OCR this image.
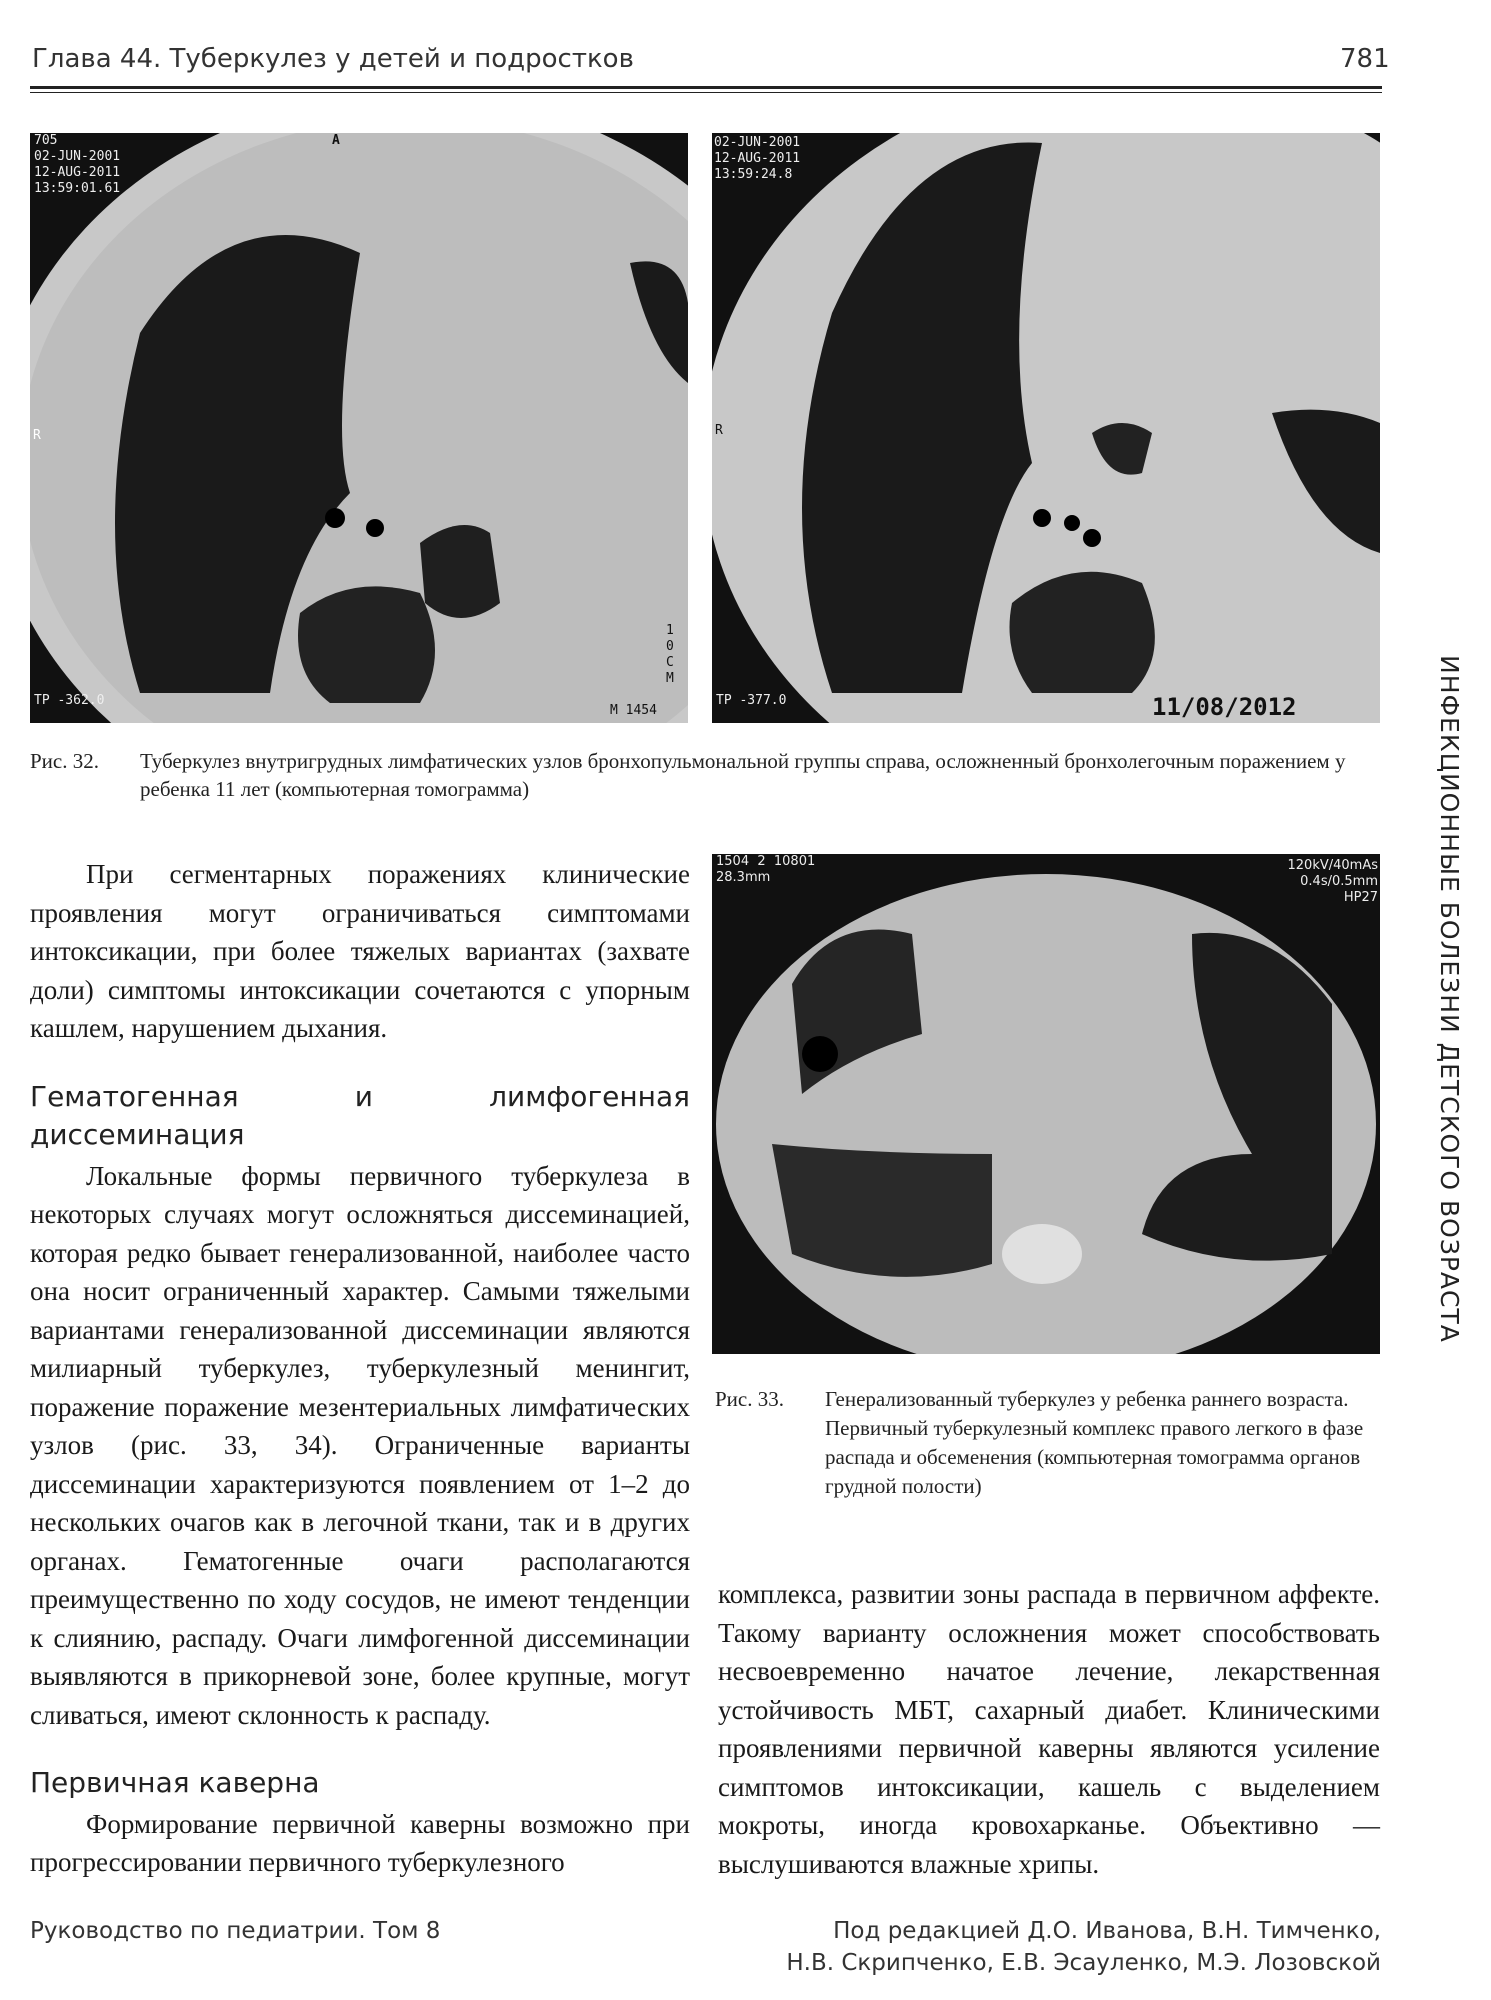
Глава 44. Туберкулез у детей и подростков	781
705
02-JUN-2001
12-AUG-2011
13:59:01.61
A
R
TP -362.0
M 1454
10 CM
02-JUN-2001
12-AUG-2011
13:59:24.8
R
TP -377.0	11/08/2012
Рис. 32. Туберкулез внутригрудных лимфатических узлов бронхопульмональной группы справа, осложненный бронхолегочным поражением у ребенка 11 лет (компьютерная томограмма)
1504  2  10801
28.3mm
120kV/40mAs
0.4s/0.5mm
HP27
R
Рис. 33. Генерализованный туберкулез у ребенка раннего возраста. Первичный туберкулезный комплекс правого легкого в фазе распада и обсеменения (компьютерная томограмма органов грудной полости)

При сегментарных поражениях клинические проявления могут ограничиваться симптомами интоксикации, при более тяжелых вариантах (захвате доли) симптомы интоксикации сочетаются с упорным кашлем, нарушением дыхания.

Гематогенная и лимфогенная диссеминация

Локальные формы первичного туберкулеза в некоторых случаях могут осложняться диссеминацией, которая редко бывает генерализованной, наиболее часто она носит ограниченный характер. Самыми тяжелыми вариантами генерализованной диссеминации являются милиарный туберкулез, туберкулезный менингит, поражение поражение мезентериальных лимфатических узлов (рис. 33, 34). Ограниченные варианты диссеминации характеризуются появлением от 1–2 до нескольких очагов как в легочной ткани, так и в других органах. Гематогенные очаги располагаются преимущественно по ходу сосудов, не имеют тенденции к слиянию, распаду. Очаги лимфогенной диссеминации выявляются в прикорневой зоне, более крупные, могут сливаться, имеют склонность к распаду.

Первичная каверна

Формирование первичной каверны возможно при прогрессировании первичного туберкулезного

комплекса, развитии зоны распада в первичном аффекте. Такому варианту осложнения может способствовать несвоевременно начатое лечение, лекарственная устойчивость МБТ, сахарный диабет. Клиническими проявлениями первичной каверны являются усиление симптомов интоксикации, кашель с выделением мокроты, иногда кровохарканье. Объективно — выслушиваются влажные хрипы.

ИНФЕКЦИОННЫЕ БОЛЕЗНИ ДЕТСКОГО ВОЗРАСТА
Руководство по педиатрии. Том 8	Под редакцией Д.О. Иванова, В.Н. Тимченко,
Н.В. Скрипченко, Е.В. Эсауленко, М.Э. Лозовской
